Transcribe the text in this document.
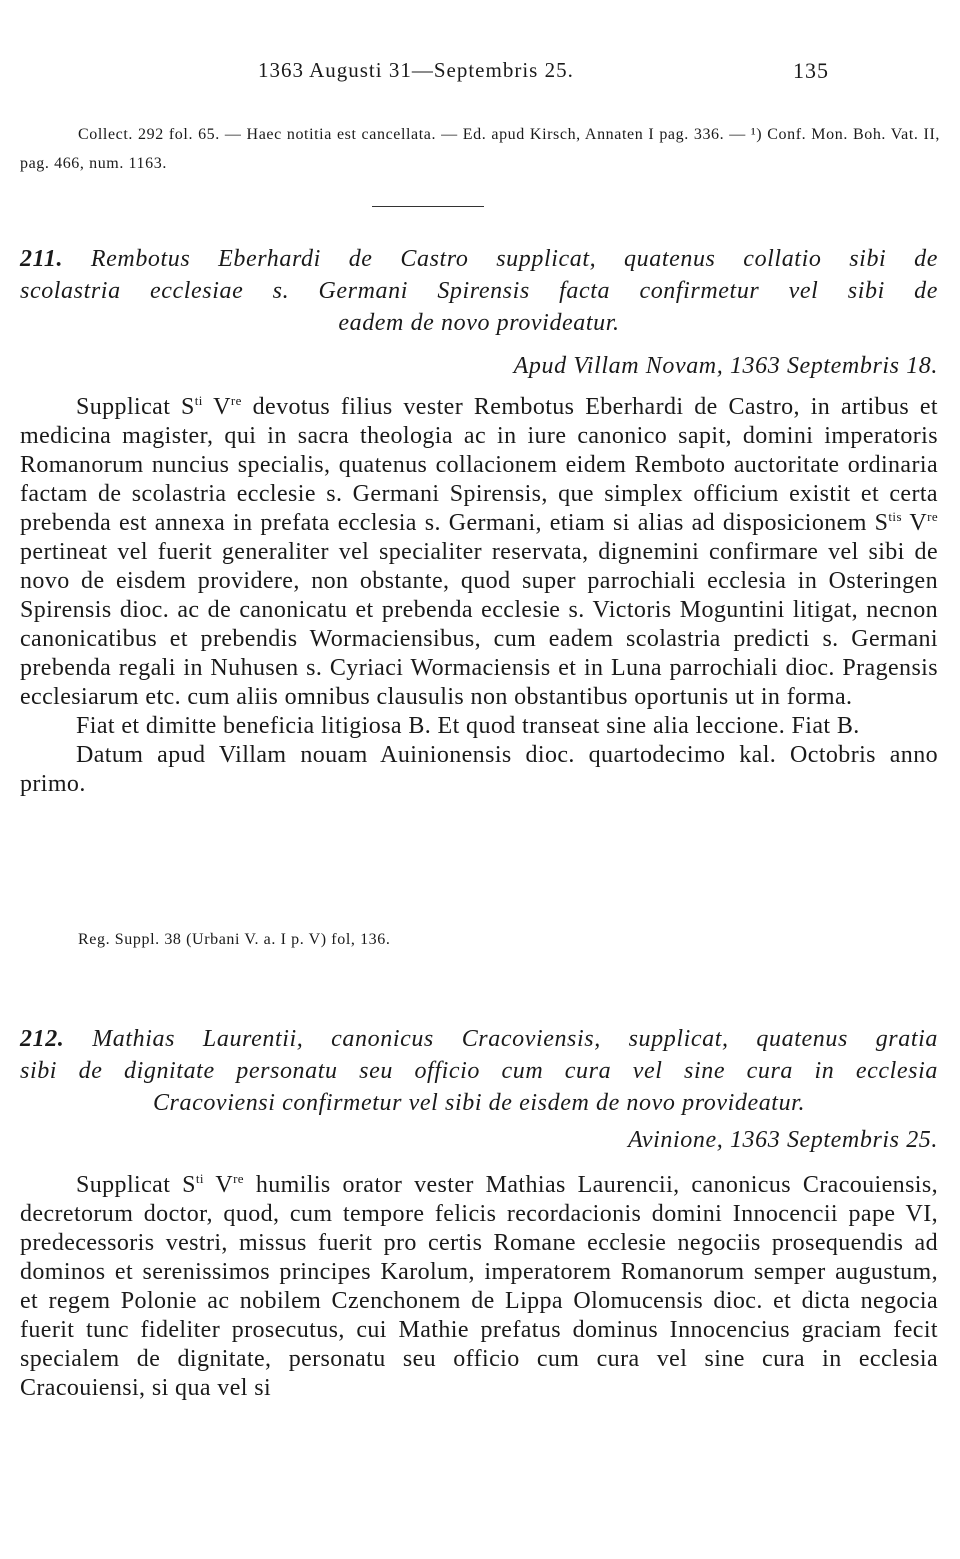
1363 Augusti 31—Septembris 25.	135

Collect. 292 fol. 65. — Haec notitia est cancellata. — Ed. apud Kirsch, Annaten I pag. 336. — ¹) Conf. Mon. Boh. Vat. II, pag. 466, num. 1163.

211. Rembotus Eberhardi de Castro supplicat, quatenus collatio sibi de
scolastria ecclesiae s. Germani Spirensis facta confirmetur vel sibi de
eadem de novo provideatur.
Apud Villam Novam, 1363 Septembris 18.

Supplicat $S^{ti}$ Vre devotus filius vester Rembotus Eberhardi de Castro, in artibus et medicina magister, qui in sacra theologia ac in iure canonico sapit, domini imperatoris Romanorum nuncius specialis, quatenus collacionem eidem Remboto auctoritate ordinaria factam de scolastria ecclesie s. Germani Spirensis, que simplex officium existit et certa prebenda est annexa in prefata ecclesia s. Germani, etiam si alias ad disposicionem $S^{tis}$ Vre pertineat vel fuerit generaliter vel specialiter reservata, dignemini confirmare vel sibi de novo de eisdem providere, non obstante, quod super parrochiali ecclesia in Osteringen Spirensis dioc. ac de canonicatu et prebenda ecclesie s. Victoris Moguntini litigat, necnon canonicatibus et prebendis Wormaciensibus, cum eadem scolastria predicti s. Germani prebenda regali in Nuhusen s. Cyriaci Wormaciensis et in Luna parrochiali dioc. Pragensis ecclesiarum etc. cum aliis omnibus clausulis non obstantibus oportunis ut in forma.

Fiat et dimitte beneficia litigiosa B. Et quod transeat sine alia leccione. Fiat B.

Datum apud Villam nouam Auinionensis dioc. quartodecimo kal. Octobris anno primo.

Reg. Suppl. 38 (Urbani V. a. I p. V) fol, 136.

212. Mathias Laurentii, canonicus Cracoviensis, supplicat, quatenus gratia
sibi de dignitate personatu seu officio cum cura vel sine cura in ecclesia
Cracoviensi confirmetur vel sibi de eisdem de novo provideatur.
Avinione, 1363 Septembris 25.

Supplicat $S^{ti}$ Vre humilis orator vester Mathias Laurencii, canonicus Cracouiensis, decretorum doctor, quod, cum tempore felicis recordacionis domini Innocencii pape VI, predecessoris vestri, missus fuerit pro certis Romane ecclesie negociis prosequendis ad dominos et serenissimos principes Karolum, imperatorem Romanorum semper augustum, et regem Polonie ac nobilem Czenchonem de Lippa Olomucensis dioc. et dicta negocia fuerit tunc fideliter prosecutus, cui Mathie prefatus dominus Innocencius graciam fecit specialem de dignitate, personatu seu officio cum cura vel sine cura in ecclesia Cracouiensi, si qua vel si
